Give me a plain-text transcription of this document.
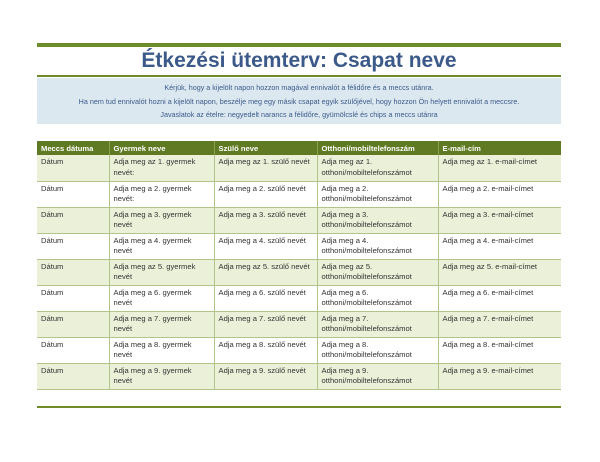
Étkezési ütemterv: Csapat neve
Kérjük, hogy a kijelölt napon hozzon magával ennivalót a félidőre és a meccs utánra.
Ha nem tud ennivalót hozni a kijelölt napon, beszélje meg egy másik csapat egyik szülőjével, hogy hozzon Ön helyett ennivalót a meccsre.
Javaslatok az ételre: negyedelt narancs a félidőre, gyümölcslé és chips a meccs utánra
Meccs dátuma	Gyermek neve	Szülő neve	Otthoni/mobiltelefonszám	E-mail-cím
Dátum	Adja meg az 1. gyermek nevét:	Adja meg az 1. szülő nevét	Adja meg az 1. otthoni/mobiltelefonszámot	Adja meg az 1. e-mail-címet
Dátum	Adja meg a 2. gyermek nevét:	Adja meg a 2. szülő nevét	Adja meg a 2. otthoni/mobiltelefonszámot	Adja meg a 2. e-mail-címet
Dátum	Adja meg a 3. gyermek nevét	Adja meg a 3. szülő nevét	Adja meg a 3. otthoni/mobiltelefonszámot	Adja meg a 3. e-mail-címet
Dátum	Adja meg a 4. gyermek nevét	Adja meg a 4. szülő nevét	Adja meg a 4. otthoni/mobiltelefonszámot	Adja meg a 4. e-mail-címet
Dátum	Adja meg az 5. gyermek nevét	Adja meg az 5. szülő nevét	Adja meg az 5. otthoni/mobiltelefonszámot	Adja meg az 5. e-mail-címet
Dátum	Adja meg a 6. gyermek nevét	Adja meg a 6. szülő nevét	Adja meg a 6. otthoni/mobiltelefonszámot	Adja meg a 6. e-mail-címet
Dátum	Adja meg a 7. gyermek nevét	Adja meg a 7. szülő nevét	Adja meg a 7. otthoni/mobiltelefonszámot	Adja meg a 7. e-mail-címet
Dátum	Adja meg a 8. gyermek nevét	Adja meg a 8. szülő nevét	Adja meg a 8. otthoni/mobiltelefonszámot	Adja meg a 8. e-mail-címet
Dátum	Adja meg a 9. gyermek nevét	Adja meg a 9. szülő nevét	Adja meg a 9. otthoni/mobiltelefonszámot	Adja meg a 9. e-mail-címet
